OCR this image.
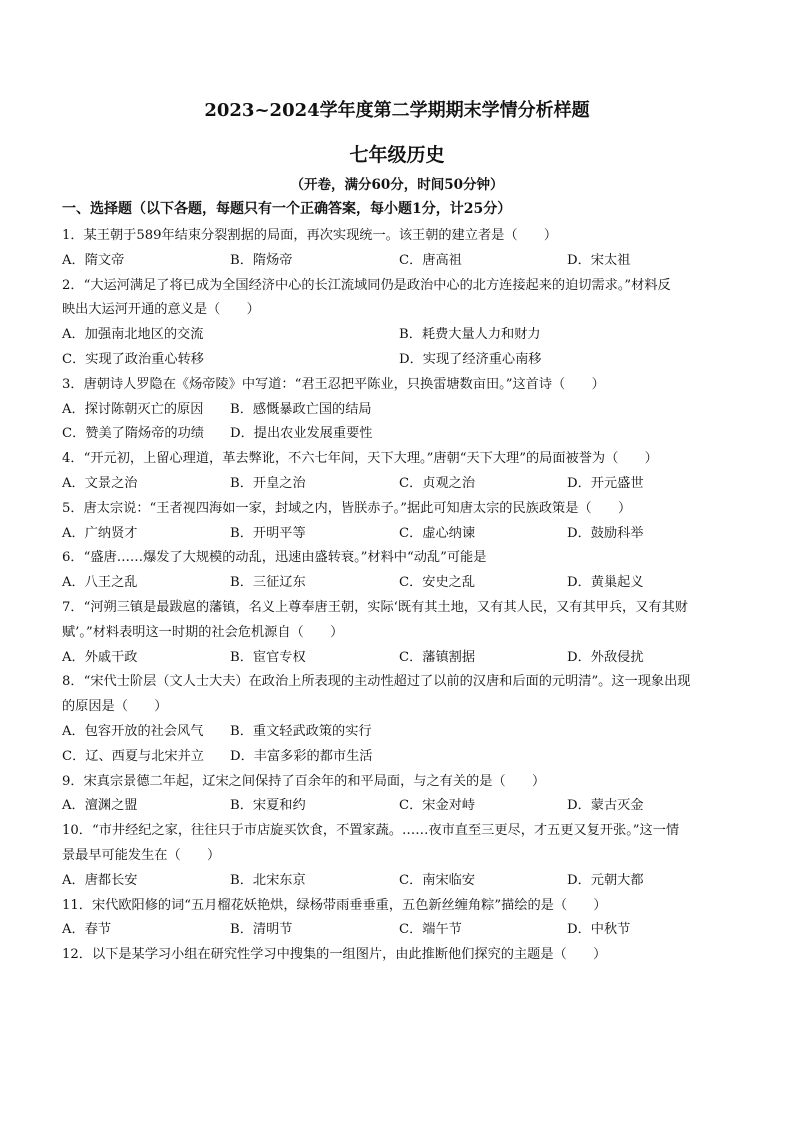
2023~2024学年度第二学期期末学情分析样题
七年级历史
（开卷，满分60分，时间50分钟）
一、选择题（以下各题，每题只有一个正确答案，每小题1分，计25分）
1．某王朝于589年结束分裂割据的局面，再次实现统一。该王朝的建立者是（　　）
A．隋文帝	B．隋炀帝	C．唐高祖	D．宋太祖
2．“大运河满足了将已成为全国经济中心的长江流域同仍是政治中心的北方连接起来的迫切需求。”材料反
映出大运河开通的意义是（　　）
A．加强南北地区的交流	B．耗费大量人力和财力
C．实现了政治重心转移	D．实现了经济重心南移
3．唐朝诗人罗隐在《炀帝陵》中写道：“君王忍把平陈业，只换雷塘数亩田。”这首诗（　　）
A．探讨陈朝灭亡的原因 B．感慨暴政亡国的结局
C．赞美了隋炀帝的功绩 D．提出农业发展重要性
4．“开元初，上留心理道，革去弊讹，不六七年间，天下大理。”唐朝“天下大理”的局面被誉为（　　）
A．文景之治	B．开皇之治	C．贞观之治	D．开元盛世
5．唐太宗说：“王者视四海如一家，封域之内，皆朕赤子。”据此可知唐太宗的民族政策是（　　）
A．广纳贤才	B．开明平等	C．虚心纳谏	D．鼓励科举
6．“盛唐……爆发了大规模的动乱，迅速由盛转衰。”材料中“动乱”可能是
A．八王之乱	B．三征辽东	C．安史之乱	D．黄巢起义
7．“河朔三镇是最跋扈的藩镇，名义上尊奉唐王朝，实际‘既有其土地，又有其人民，又有其甲兵，又有其财
赋’。”材料表明这一时期的社会危机源自（　　）
A．外戚干政	B．宦官专权	C．藩镇割据	D．外敌侵扰
8．“宋代士阶层（文人士大夫）在政治上所表现的主动性超过了以前的汉唐和后面的元明清”。这一现象出现
的原因是（　　）
A．包容开放的社会风气 B．重文轻武政策的实行
C．辽、西夏与北宋并立 D．丰富多彩的都市生活
9．宋真宗景德二年起，辽宋之间保持了百余年的和平局面，与之有关的是（　　）
A．澶渊之盟	B．宋夏和约	C．宋金对峙	D．蒙古灭金
10．“市井经纪之家，往往只于市店旋买饮食，不置家蔬。……夜市直至三更尽，才五更又复开张。”这一情
景最早可能发生在（　　）
A．唐都长安	B．北宋东京	C．南宋临安	D．元朝大都
11．宋代欧阳修的词“五月榴花妖艳烘，绿杨带雨垂垂重，五色新丝缠角粽”描绘的是（　　）
A．春节	B．清明节	C．端午节	D．中秋节
12．以下是某学习小组在研究性学习中搜集的一组图片，由此推断他们探究的主题是（　　）
